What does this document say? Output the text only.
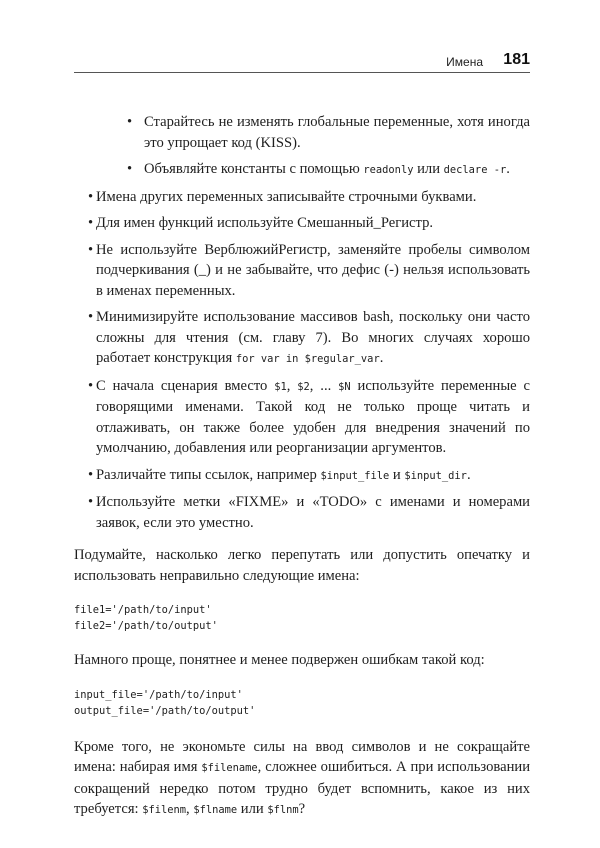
Имена 181

• Старайтесь не изменять глобальные переменные, хотя иногда это упрощает код (KISS).

• Объявляйте константы с помощью readonly или declare -r.

• Имена других переменных записывайте строчными буквами.

• Для имен функций используйте Смешанный_Регистр.

• Не используйте ВерблюжийРегистр, заменяйте пробелы символом подчеркивания (_) и не забывайте, что дефис (-) нельзя использовать в именах переменных.

• Минимизируйте использование массивов bash, поскольку они часто сложны для чтения (см. главу 7). Во многих случаях хорошо работает конструкция for var in $regular_var.

• С начала сценария вместо $1, $2, ... $N используйте переменные с говорящими именами. Такой код не только проще читать и отлаживать, он также более удобен для внедрения значений по умолчанию, добавления или реорганизации аргументов.

• Различайте типы ссылок, например $input_file и $input_dir.

• Используйте метки «FIXME» и «TODO» с именами и номерами заявок, если это уместно.

Подумайте, насколько легко перепутать или допустить опечатку и использовать неправильно следующие имена:

file1='/path/to/input'
file2='/path/to/output'

Намного проще, понятнее и менее подвержен ошибкам такой код:

input_file='/path/to/input'
output_file='/path/to/output'

Кроме того, не экономьте силы на ввод символов и не сокращайте имена: набирая имя $filename, сложнее ошибиться. А при использовании сокращений нередко потом трудно будет вспомнить, какое из них требуется: $filenm, $flname или $flnm?
